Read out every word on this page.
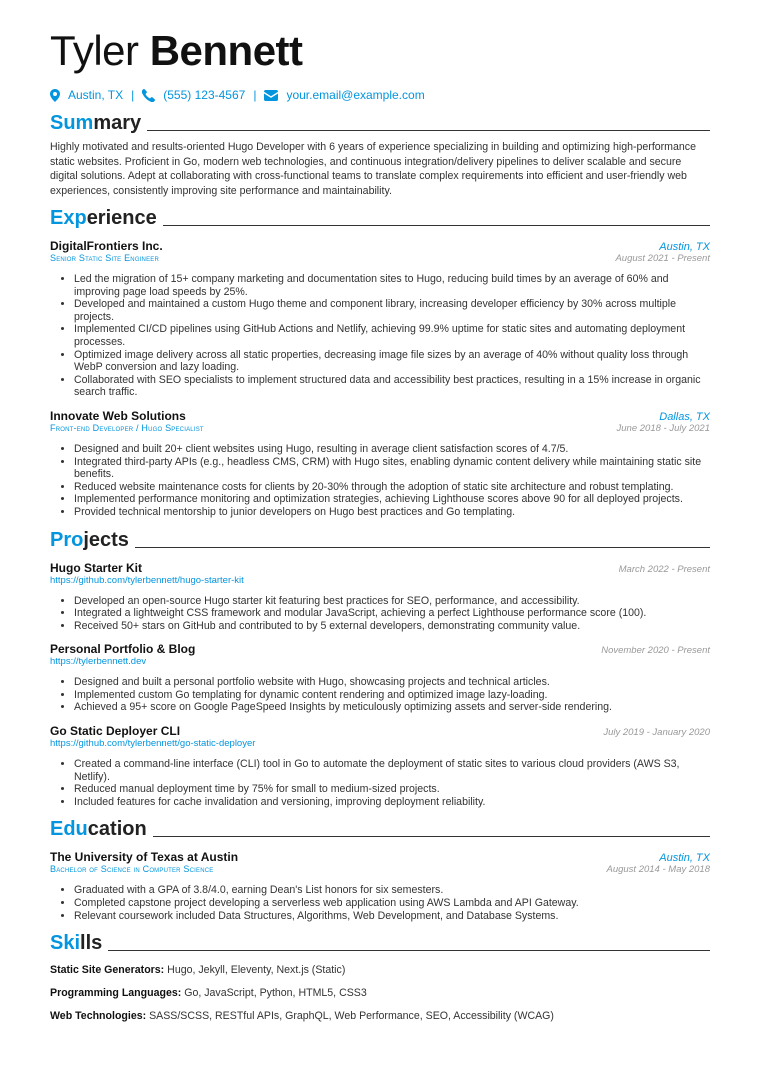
Tyler Bennett
Austin, TX | (555) 123-4567 |	your.email@example.com
Summary
Highly motivated and results-oriented Hugo Developer with 6 years of experience specializing in building and optimizing high-performance static websites. Proficient in Go, modern web technologies, and continuous integration/delivery pipelines to deliver scalable and secure digital solutions. Adept at collaborating with cross-functional teams to translate complex requirements into efficient and user-friendly web experiences, consistently improving site performance and maintainability.
Experience
DigitalFrontiers Inc.	Austin, TX
Senior Static Site Engineer	August 2021 - Present
• Led the migration of 15+ company marketing and documentation sites to Hugo, reducing build times by an average of 60% and improving page load speeds by 25%.
• Developed and maintained a custom Hugo theme and component library, increasing developer efficiency by 30% across multiple projects.
• Implemented CI/CD pipelines using GitHub Actions and Netlify, achieving 99.9% uptime for static sites and automating deployment processes.
• Optimized image delivery across all static properties, decreasing image file sizes by an average of 40% without quality loss through WebP conversion and lazy loading.
• Collaborated with SEO specialists to implement structured data and accessibility best practices, resulting in a 15% increase in organic search traffic.
Innovate Web Solutions	Dallas, TX
Front-end Developer / Hugo Specialist	June 2018 - July 2021
• Designed and built 20+ client websites using Hugo, resulting in average client satisfaction scores of 4.7/5.
• Integrated third-party APIs (e.g., headless CMS, CRM) with Hugo sites, enabling dynamic content delivery while maintaining static site benefits.
• Reduced website maintenance costs for clients by 20-30% through the adoption of static site architecture and robust templating.
• Implemented performance monitoring and optimization strategies, achieving Lighthouse scores above 90 for all deployed projects.
• Provided technical mentorship to junior developers on Hugo best practices and Go templating.
Projects
Hugo Starter Kit	March 2022 - Present
https://github.com/tylerbennett/hugo-starter-kit
• Developed an open-source Hugo starter kit featuring best practices for SEO, performance, and accessibility.
• Integrated a lightweight CSS framework and modular JavaScript, achieving a perfect Lighthouse performance score (100).
• Received 50+ stars on GitHub and contributed to by 5 external developers, demonstrating community value.
Personal Portfolio & Blog	November 2020 - Present
https://tylerbennett.dev
• Designed and built a personal portfolio website with Hugo, showcasing projects and technical articles.
• Implemented custom Go templating for dynamic content rendering and optimized image lazy-loading.
• Achieved a 95+ score on Google PageSpeed Insights by meticulously optimizing assets and server-side rendering.
Go Static Deployer CLI	July 2019 - January 2020
https://github.com/tylerbennett/go-static-deployer
• Created a command-line interface (CLI) tool in Go to automate the deployment of static sites to various cloud providers (AWS S3, Netlify).
• Reduced manual deployment time by 75% for small to medium-sized projects.
• Included features for cache invalidation and versioning, improving deployment reliability.
Education
The University of Texas at Austin	Austin, TX
Bachelor of Science in Computer Science	August 2014 - May 2018
• Graduated with a GPA of 3.8/4.0, earning Dean's List honors for six semesters.
• Completed capstone project developing a serverless web application using AWS Lambda and API Gateway.
• Relevant coursework included Data Structures, Algorithms, Web Development, and Database Systems.
Skills
Static Site Generators: Hugo, Jekyll, Eleventy, Next.js (Static)
Programming Languages: Go, JavaScript, Python, HTML5, CSS3
Web Technologies: SASS/SCSS, RESTful APIs, GraphQL, Web Performance, SEO, Accessibility (WCAG)
